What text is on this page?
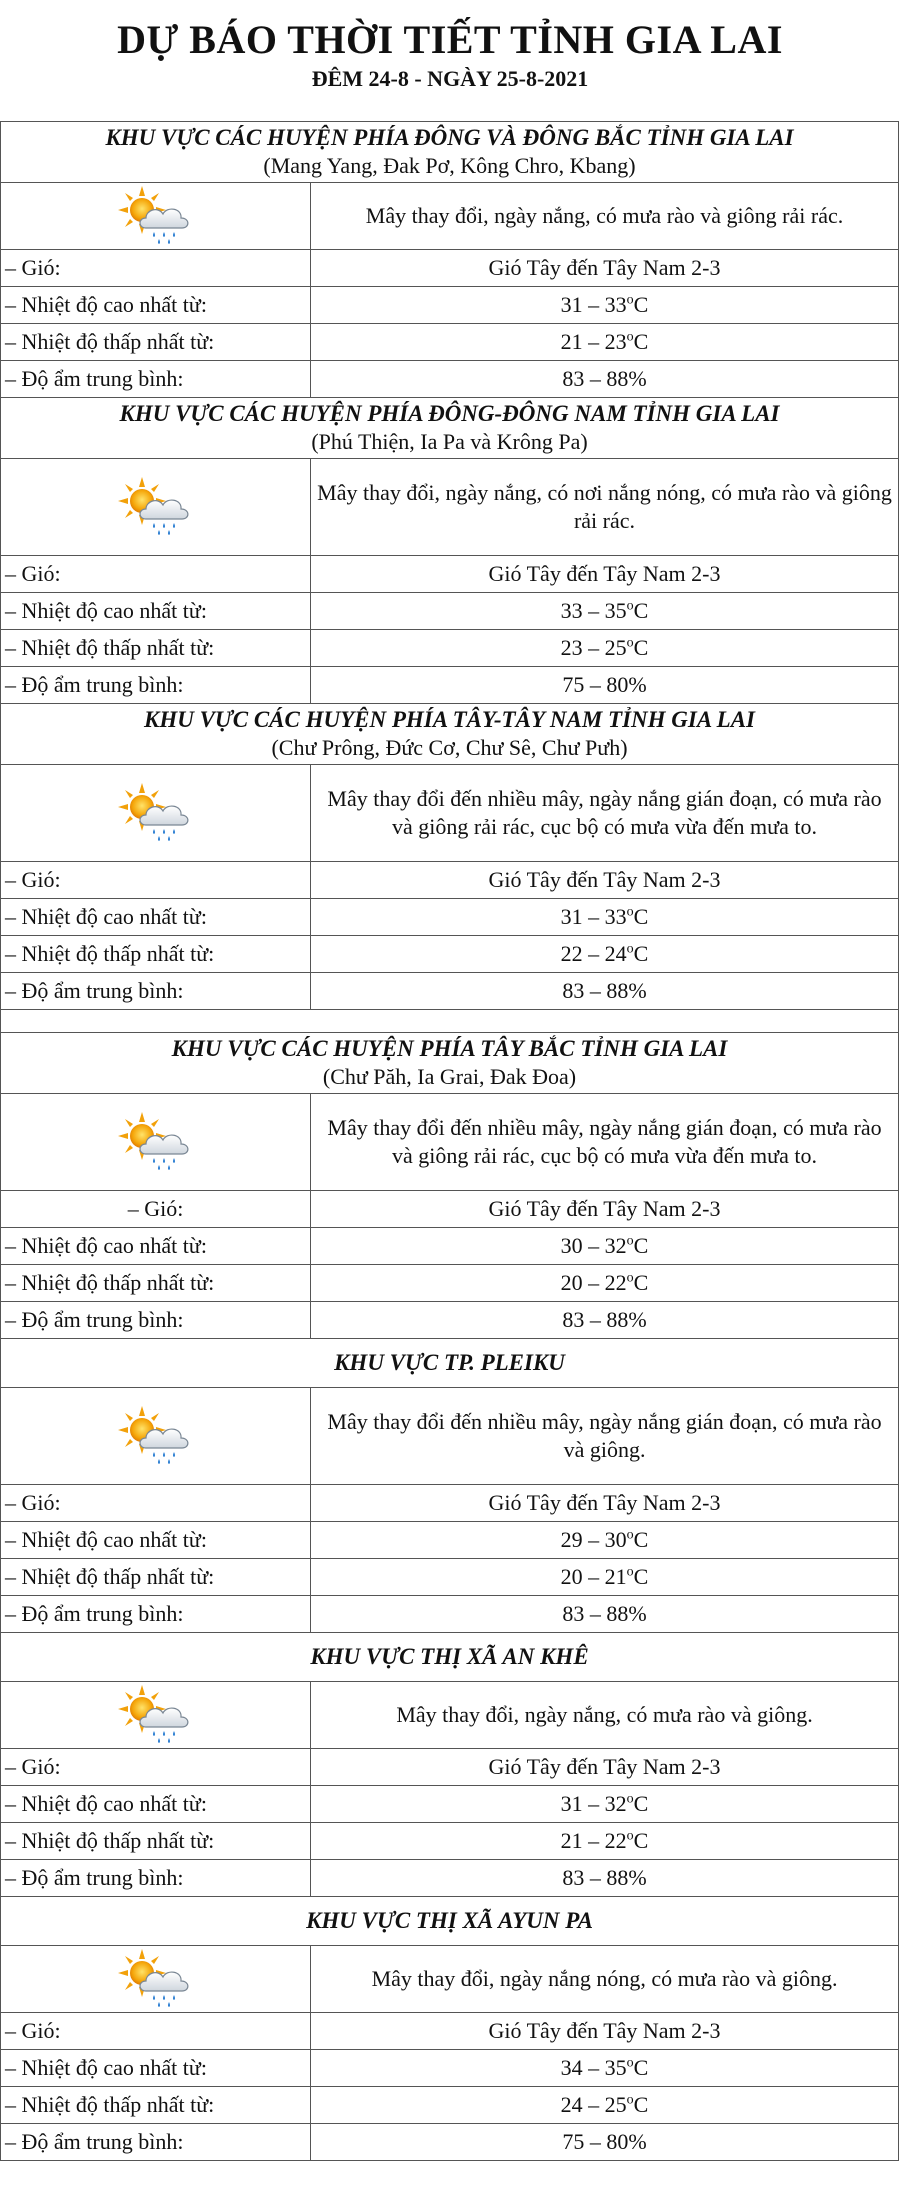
DỰ BÁO THỜI TIẾT TỈNH GIA LAI
ĐÊM 24-8 - NGÀY 25-8-2021
KHU VỰC CÁC HUYỆN PHÍA ĐÔNG VÀ ĐÔNG BẮC TỈNH GIA LAI
(Mang Yang, Đak Pơ, Kông Chro, Kbang)	

	Mây thay đổi, ngày nắng, có mưa rào và giông rải rác.
– Gió:	Gió Tây đến Tây Nam 2-3
– Nhiệt độ cao nhất từ:	31 – 33$^o$C
– Nhiệt độ thấp nhất từ:	21 – 23$^o$C
– Độ ẩm trung bình:	83 – 88%

KHU VỰC CÁC HUYỆN PHÍA ĐÔNG-ĐÔNG NAM TỈNH GIA LAI
(Phú Thiện, Ia Pa và Krông Pa)	

	Mây thay đổi, ngày nắng, có nơi nắng nóng, có mưa rào và giông rải rác.
– Gió:	Gió Tây đến Tây Nam 2-3
– Nhiệt độ cao nhất từ:	33 – 35$^o$C
– Nhiệt độ thấp nhất từ:	23 – 25$^o$C
– Độ ẩm trung bình:	75 – 80%

KHU VỰC CÁC HUYỆN PHÍA TÂY-TÂY NAM TỈNH GIA LAI
(Chư Prông, Đức Cơ, Chư Sê, Chư Pưh)	

	Mây thay đổi đến nhiều mây, ngày nắng gián đoạn, có mưa rào và giông rải rác, cục bộ có mưa vừa đến mưa to.
– Gió:	Gió Tây đến Tây Nam 2-3
– Nhiệt độ cao nhất từ:	31 – 33$^o$C
– Nhiệt độ thấp nhất từ:	22 – 24$^o$C
– Độ ẩm trung bình:	83 – 88%

KHU VỰC CÁC HUYỆN PHÍA TÂY BẮC TỈNH GIA LAI
(Chư Păh, Ia Grai, Đak Đoa)	

	Mây thay đổi đến nhiều mây, ngày nắng gián đoạn, có mưa rào và giông rải rác, cục bộ có mưa vừa đến mưa to.
– Gió:	Gió Tây đến Tây Nam 2-3
– Nhiệt độ cao nhất từ:	30 – 32$^o$C
– Nhiệt độ thấp nhất từ:	20 – 22$^o$C
– Độ ẩm trung bình:	83 – 88%

KHU VỰC TP. PLEIKU	

	Mây thay đổi đến nhiều mây, ngày nắng gián đoạn, có mưa rào và giông.
– Gió:	Gió Tây đến Tây Nam 2-3
– Nhiệt độ cao nhất từ:	29 – 30$^o$C
– Nhiệt độ thấp nhất từ:	20 – 21$^o$C
– Độ ẩm trung bình:	83 – 88%

KHU VỰC THỊ XÃ AN KHÊ	

	Mây thay đổi, ngày nắng, có mưa rào và giông.
– Gió:	Gió Tây đến Tây Nam 2-3
– Nhiệt độ cao nhất từ:	31 – 32$^o$C
– Nhiệt độ thấp nhất từ:	21 – 22$^o$C
– Độ ẩm trung bình:	83 – 88%

KHU VỰC THỊ XÃ AYUN PA	

	Mây thay đổi, ngày nắng nóng, có mưa rào và giông.
– Gió:	Gió Tây đến Tây Nam 2-3
– Nhiệt độ cao nhất từ:	34 – 35$^o$C
– Nhiệt độ thấp nhất từ:	24 – 25$^o$C
– Độ ẩm trung bình:	75 – 80%
